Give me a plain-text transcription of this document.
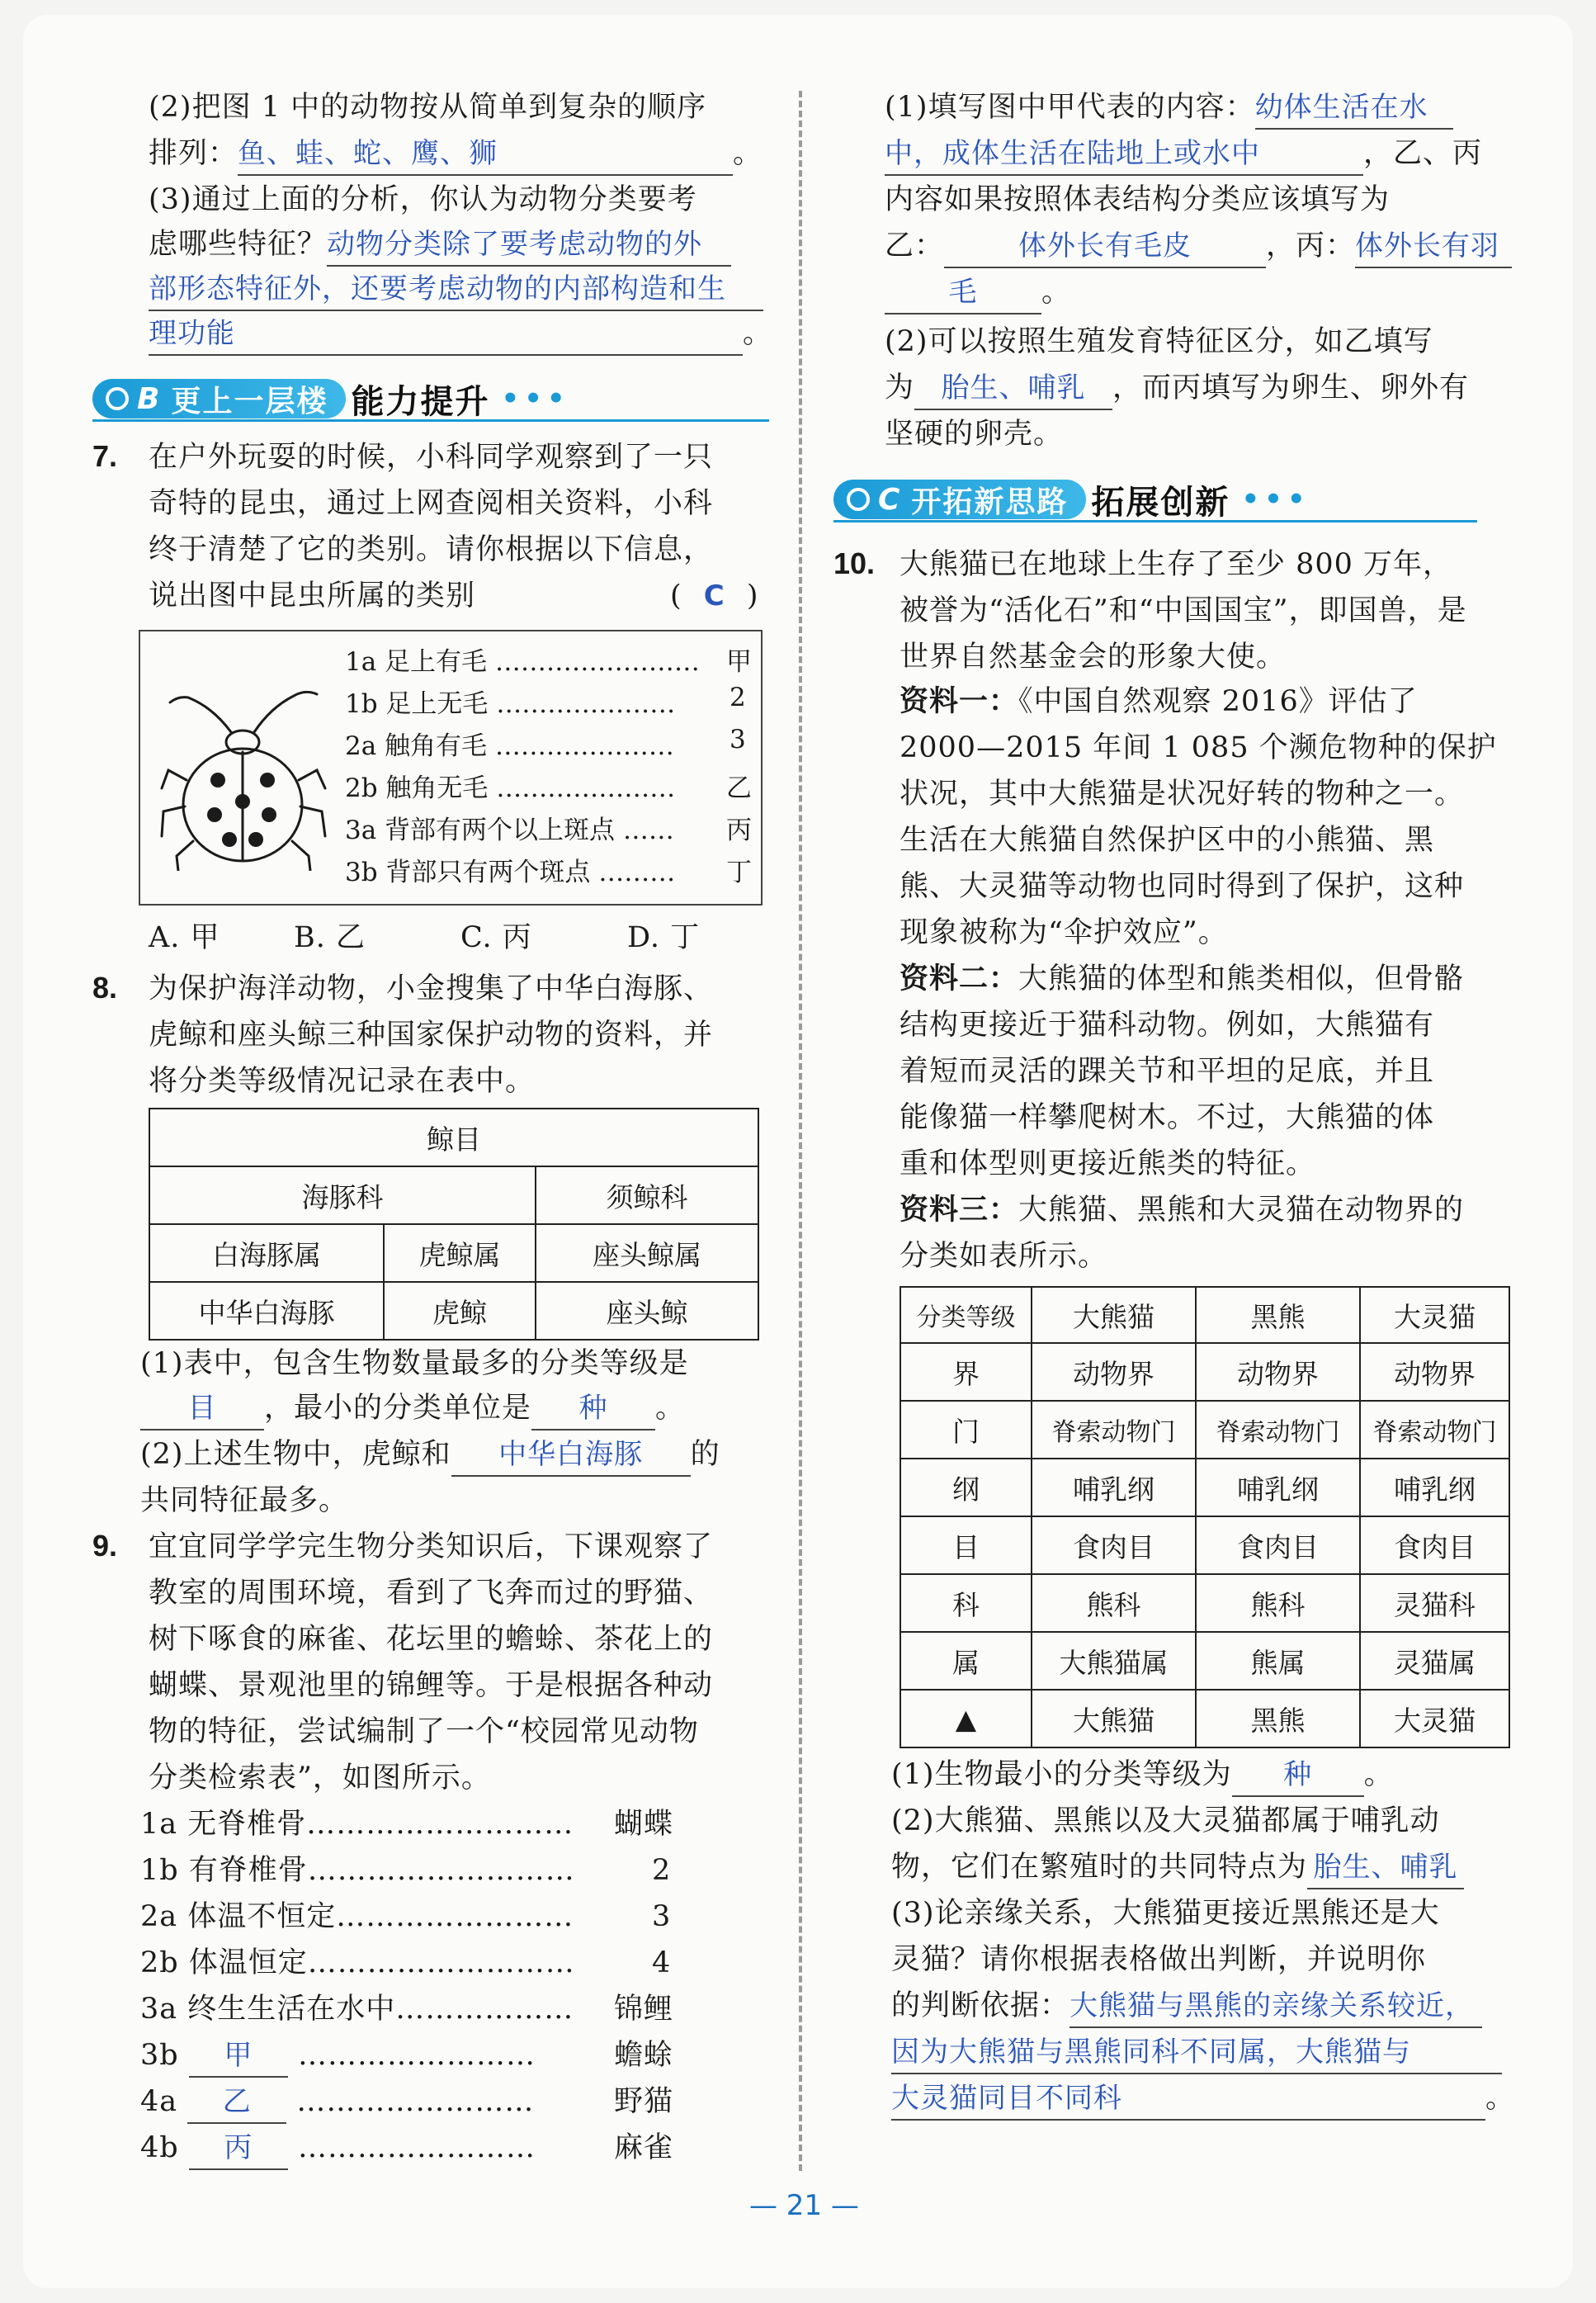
(2)把图 1 中的动物按从简单到复杂的顺序
排列：鱼、蛙、蛇、鹰、狮	。
(3)通过上面的分析，你认为动物分类要考
虑哪些特征？动物分类除了要考虑动物的外
部形态特征外，还要考虑动物的内部构造和生
理功能	。
B 更上一层楼 能力提升 •••
7. 在户外玩耍的时候，小科同学观察到了一只
奇特的昆虫，通过上网查阅相关资料，小科
终于清楚了它的类别。请你根据以下信息，
说出图中昆虫所属的类别	( C )
1a 足上有毛 …………………… 甲
1b 足上无毛 ………………… 2
2a 触角有毛 ………………… 3
2b 触角无毛 ………………… 乙
3a 背部有两个以上斑点 …… 丙
3b 背部只有两个斑点 ……… 丁
A. 甲	B. 乙	C. 丙	D. 丁
8. 为保护海洋动物，小金搜集了中华白海豚、
虎鲸和座头鲸三种国家保护动物的资料，并
将分类等级情况记录在表中。
鲸目		
海豚科		须鲸科
白海豚属	虎鲸属	座头鲸属
中华白海豚	虎鲸	座头鲸
(1)表中，包含生物数量最多的分类等级是
目 ，最小的分类单位是 种 。
(2)上述生物中，虎鲸和 中华白海豚 的
共同特征最多。
9. 宜宜同学学完生物分类知识后，下课观察了
教室的周围环境，看到了飞奔而过的野猫、
树下啄食的麻雀、花坛里的蟾蜍、茶花上的
蝴蝶、景观池里的锦鲤等。于是根据各种动
物的特征，尝试编制了一个“校园常见动物
分类检索表”，如图所示。
1a 无脊椎骨……………………… 蝴蝶
1b 有脊椎骨………………………	2
2a 体温不恒定……………………	3
2b 体温恒定………………………	4
3a 终生生活在水中……………… 锦鲤
3b 甲 ……………………	蟾蜍
4a 乙 ……………………	野猫
4b 丙 ……………………	麻雀
(1)填写图中甲代表的内容：幼体生活在水
中，成体生活在陆地上或水中	，乙、丙
内容如果按照体表结构分类应该填写为
乙：	体外长有毛皮	，丙：体外长有羽
毛 。
(2)可以按照生殖发育特征区分，如乙填写
为 胎生、哺乳 ，而丙填写为卵生、卵外有
坚硬的卵壳。
C 开拓新思路 拓展创新 •••
10. 大熊猫已在地球上生存了至少 800 万年，
被誉为“活化石”和“中国国宝”，即国兽，是
世界自然基金会的形象大使。
资料一：《中国自然观察 2016》评估了
2000—2015 年间 1 085 个濒危物种的保护
状况，其中大熊猫是状况好转的物种之一。
生活在大熊猫自然保护区中的小熊猫、黑
熊、大灵猫等动物也同时得到了保护，这种
现象被称为“伞护效应”。
资料二：大熊猫的体型和熊类相似，但骨骼
结构更接近于猫科动物。例如，大熊猫有
着短而灵活的踝关节和平坦的足底，并且
能像猫一样攀爬树木。不过，大熊猫的体
重和体型则更接近熊类的特征。
资料三：大熊猫、黑熊和大灵猫在动物界的
分类如表所示。
分类等级	大熊猫	黑熊	大灵猫
界	动物界	动物界	动物界
门	脊索动物门	脊索动物门	脊索动物门
纲	哺乳纲	哺乳纲	哺乳纲
目	食肉目	食肉目	食肉目
科	熊科	熊科	灵猫科
属	大熊猫属	熊属	灵猫属
▲	大熊猫	黑熊	大灵猫
(1)生物最小的分类等级为 种 。
(2)大熊猫、黑熊以及大灵猫都属于哺乳动
物，它们在繁殖时的共同特点为 胎生、哺乳
(3)论亲缘关系，大熊猫更接近黑熊还是大
灵猫？请你根据表格做出判断，并说明你
的判断依据：大熊猫与黑熊的亲缘关系较近，
因为大熊猫与黑熊同科不同属，大熊猫与
大灵猫同目不同科	。
— 21 —
